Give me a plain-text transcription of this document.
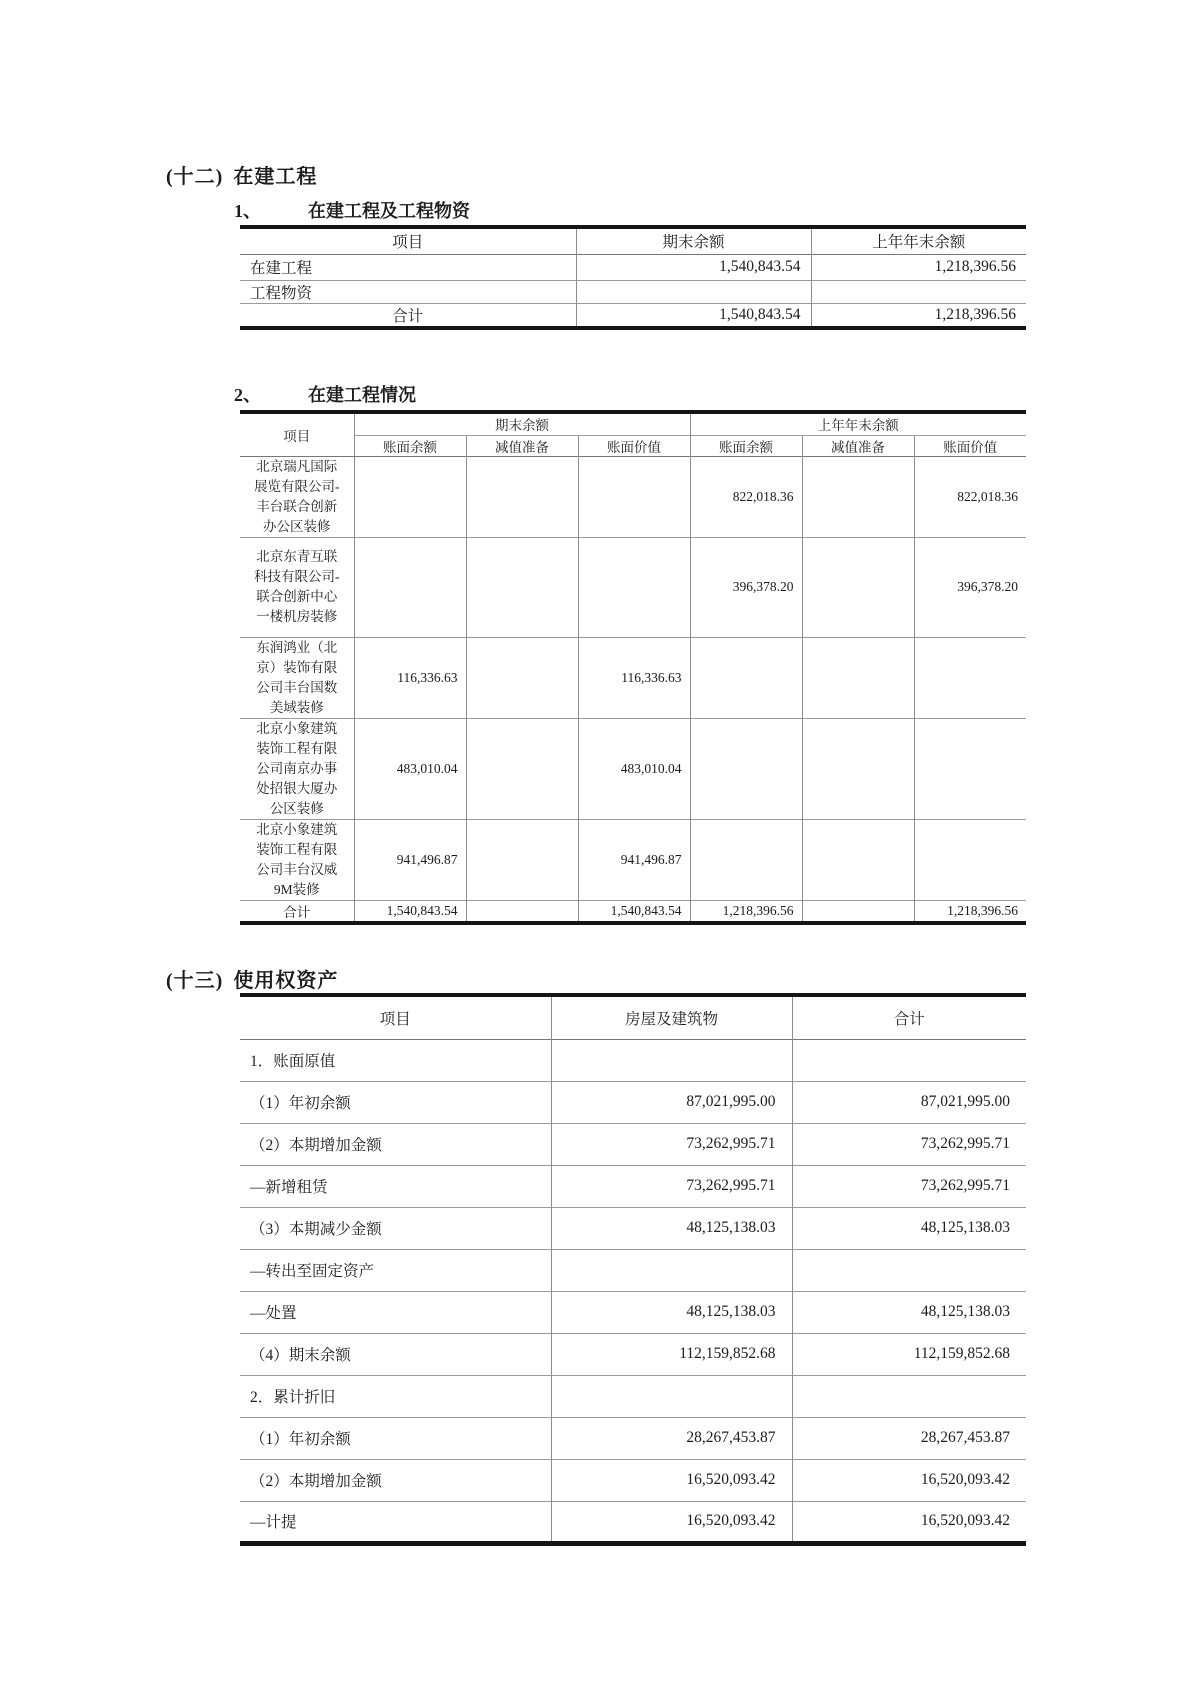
(十二) 在建工程
1、	在建工程及工程物资
项目	期末余额	上年年末余额
在建工程	1,540,843.54	1,218,396.56
工程物资		
合计	1,540,843.54	1,218,396.56
2、	在建工程情况
项目	期末余额			上年年末余额		
	账面余额	减值准备	账面价值	账面余额	减值准备	账面价值
北京瑞凡国际展览有限公司-丰台联合创新办公区装修				822,018.36		822,018.36
北京东青互联科技有限公司-联合创新中心一楼机房装修				396,378.20		396,378.20
东润鸿业（北京）装饰有限公司丰台国数美域装修	116,336.63		116,336.63			
北京小象建筑装饰工程有限公司南京办事处招银大厦办公区装修	483,010.04		483,010.04			
北京小象建筑装饰工程有限公司丰台汉威9M装修	941,496.87		941,496.87			
合计	1,540,843.54		1,540,843.54	1,218,396.56		1,218,396.56
(十三) 使用权资产
项目	房屋及建筑物	合计
1．账面原值		
（1）年初余额	87,021,995.00	87,021,995.00
（2）本期增加金额	73,262,995.71	73,262,995.71
—新增租赁	73,262,995.71	73,262,995.71
（3）本期减少金额	48,125,138.03	48,125,138.03
—转出至固定资产		
—处置	48,125,138.03	48,125,138.03
（4）期末余额	112,159,852.68	112,159,852.68
2．累计折旧		
（1）年初余额	28,267,453.87	28,267,453.87
（2）本期增加金额	16,520,093.42	16,520,093.42
—计提	16,520,093.42	16,520,093.42
